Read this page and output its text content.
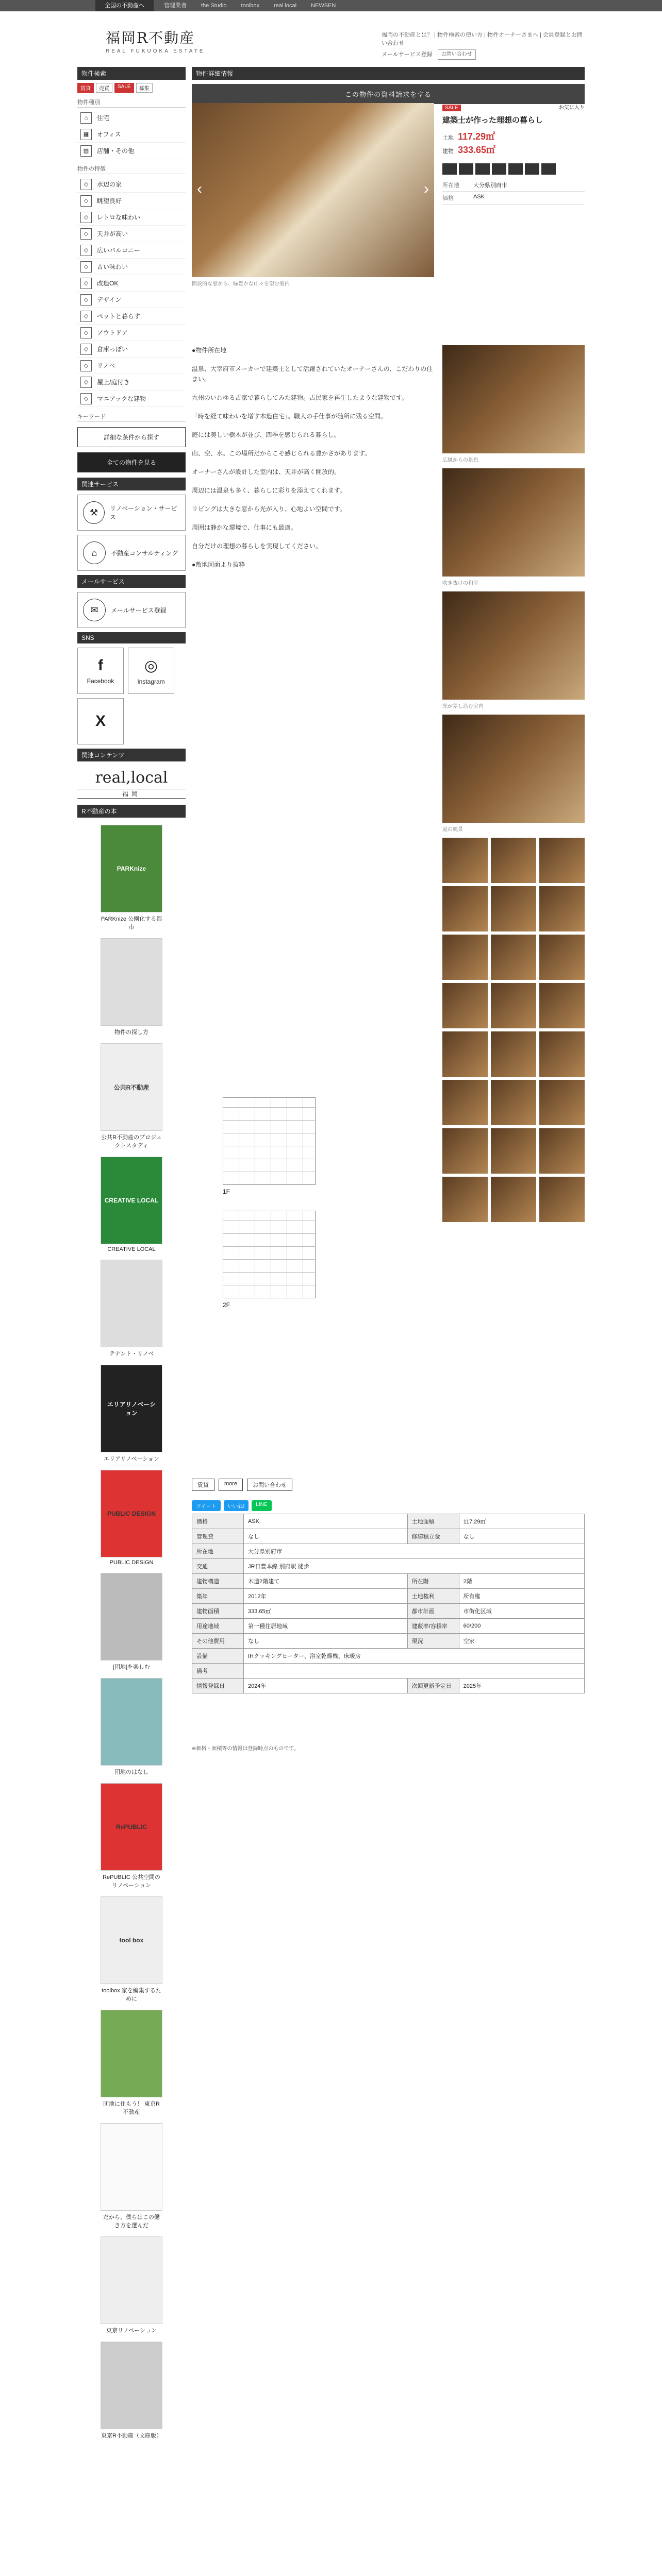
全国の不動産へ	管理業者	the Studio	toolbox	real local	NEWSEN
福岡R不動産
REAL FUKUOKA ESTATE
福岡の不動産とは？ | 物件検索の使い方 | 物件オーナーさまへ | 会員登録とお問い合わせ
メールサービス登録	お問い合わせ
物件検索
賃貸	売買	SALE	募集
物件種別
⌂	住宅
▦	オフィス
▤	店舗・その他
物件の特徴
◇	水辺の家
◇	眺望良好
◇	レトロな味わい
◇	天井が高い
◇	広いバルコニー
◇	古い味わい
◇	改造OK
◇	デザイン
◇	ペットと暮らす
◇	アウトドア
◇	倉庫っぽい
◇	リノベ
◇	屋上/庭付き
◇	マニアックな建物
キーワード
詳細な条件から探す
全ての物件を見る
関連サービス
⚒	リノベーション・サービス
⌂	不動産コンサルティング
メールサービス
✉	メールサービス登録
SNS
f
Facebook
◎
Instagram
X
関連コンテンツ
real,local
福岡
R不動産の本
PARKnize
PARKnize 公園化する都市
物件の探し方
公共R不動産
公共R不動産のプロジェクトスタディ
CREATIVE LOCAL
CREATIVE LOCAL
テナント・リノベ
エリアリノベーション
エリアリノベーション
PUBLIC DESIGN
PUBLIC DESIGN
[団地]を楽しむ
団地のはなし
RePUBLIC
RePUBLIC 公共空間のリノベーション
tool box
toolbox 家を編集するために
団地に住もう！ 東京R不動産
だから、僕らはこの働き方を選んだ
東京リノベーション
東京R不動産（文庫版）
物件詳細情報
この物件の資料請求をする
‹	›
開放的な窓から、緑豊かな山々を望む室内
SALE	お気に入り
建築士が作った理想の暮らし
土地 117.29㎡
建物 333.65㎡
所在地	大分県別府市
価格	ASK

●物件所在地

温泉、大宰府市メーカーで建築士として活躍されていたオーナーさんの、こだわりの住まい。

九州のいわゆる古家で暮らしてみた建物。古民家を再生したような建物です。

「時を経て味わいを増す木造住宅」。職人の手仕事が随所に残る空間。

庭には美しい樹木が並び、四季を感じられる暮らし。

山、空、水。この場所だからこそ感じられる豊かさがあります。

オーナーさんが設計した室内は、天井が高く開放的。

周辺には温泉も多く、暮らしに彩りを添えてくれます。

リビングは大きな窓から光が入り、心地よい空間です。

周囲は静かな環境で、仕事にも最適。

自分だけの理想の暮らしを実現してください。

●敷地図面より抜粋

広縁からの景色
吹き抜けの和室
光が差し込む室内
庭の風景
1F
2F
賃貸	more	お問い合わせ
ツイート	いいね!	LINE
価格	ASK	土地面積	117.29㎡
管理費	なし	修繕積立金	なし
所在地	大分県別府市		
交通	JR日豊本線 別府駅 徒歩		
建物構造	木造2階建て	所在階	2階
築年	2012年	土地権利	所有権
建物面積	333.65㎡	都市計画	市街化区域
用途地域	第一種住居地域	建蔽率/容積率	60/200
その他費用	なし	現況	空家
設備	IHクッキングヒーター、浴室乾燥機、床暖房		
備考			
情報登録日	2024年	次回更新予定日	2025年
※価格・面積等の情報は登録時点のものです。
